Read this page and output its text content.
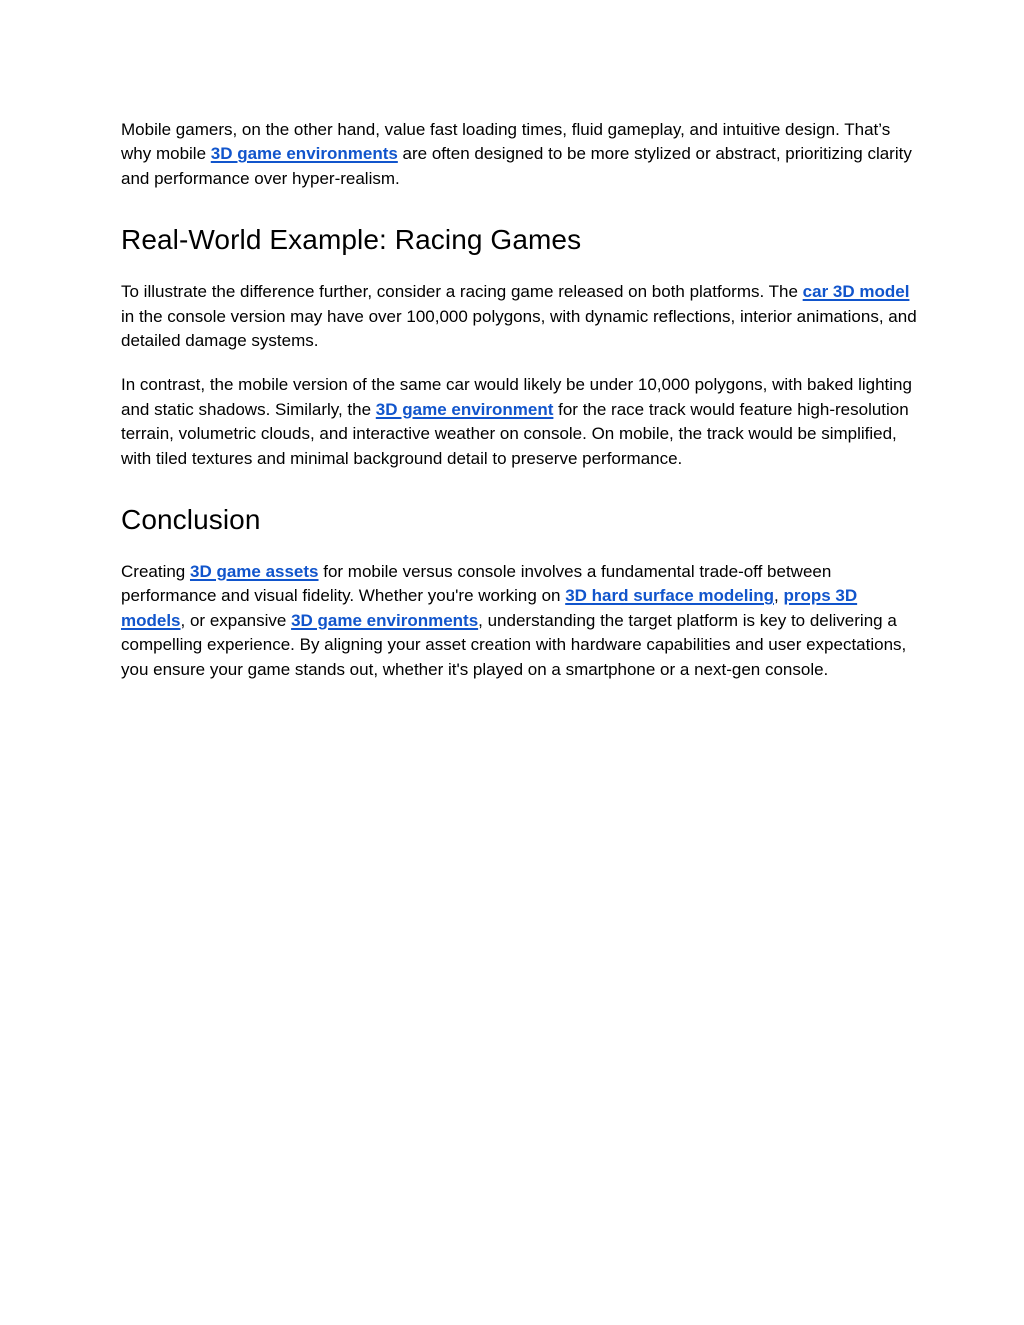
Mobile gamers, on the other hand, value fast loading times, fluid gameplay, and intuitive design. That’s why mobile 3D game environments are often designed to be more stylized or abstract, prioritizing clarity and performance over hyper-realism.

Real-World Example: Racing Games

To illustrate the difference further, consider a racing game released on both platforms. The car 3D model in the console version may have over 100,000 polygons, with dynamic reflections, interior animations, and detailed damage systems.

In contrast, the mobile version of the same car would likely be under 10,000 polygons, with baked lighting and static shadows. Similarly, the 3D game environment for the race track would feature high-resolution terrain, volumetric clouds, and interactive weather on console. On mobile, the track would be simplified, with tiled textures and minimal background detail to preserve performance.

Conclusion

Creating 3D game assets for mobile versus console involves a fundamental trade-off between performance and visual fidelity. Whether you're working on 3D hard surface modeling, props 3D models, or expansive 3D game environments, understanding the target platform is key to delivering a compelling experience. By aligning your asset creation with hardware capabilities and user expectations, you ensure your game stands out, whether it's played on a smartphone or a next-gen console.
